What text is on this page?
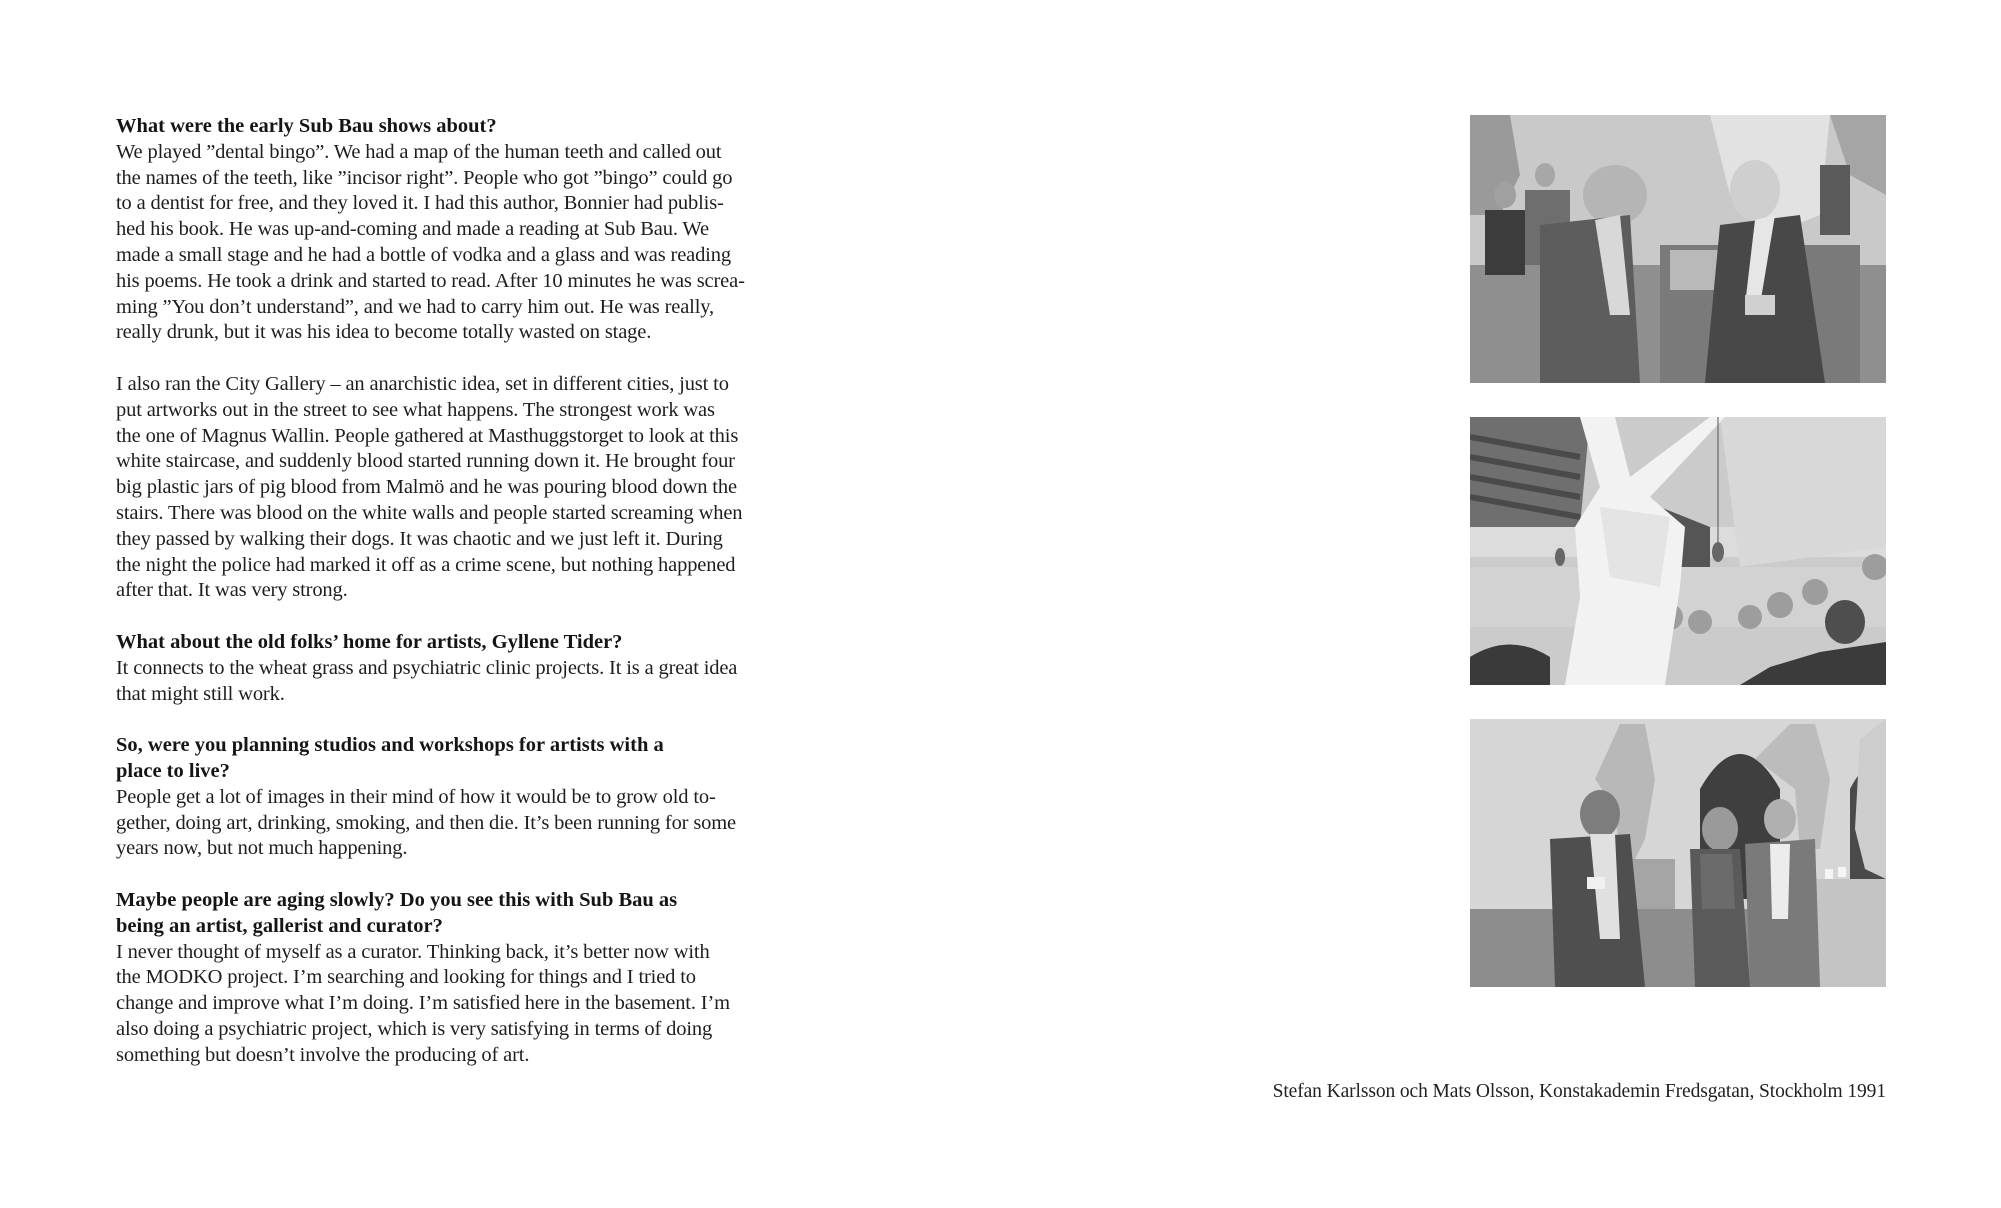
What were the early Sub Bau shows about?
We played ”dental bingo”. We had a map of the human teeth and called out
the names of the teeth, like ”incisor right”. People who got ”bingo” could go
to a dentist for free, and they loved it. I had this author, Bonnier had publis-
hed his book. He was up-and-coming and made a reading at Sub Bau. We
made a small stage and he had a bottle of vodka and a glass and was reading
his poems. He took a drink and started to read. After 10 minutes he was screa-
ming ”You don’t understand”, and we had to carry him out. He was really,
really drunk, but it was his idea to become totally wasted on stage.
I also ran the City Gallery – an anarchistic idea, set in different cities, just to
put artworks out in the street to see what happens. The strongest work was
the one of Magnus Wallin. People gathered at Masthuggstorget to look at this
white staircase, and suddenly blood started running down it. He brought four
big plastic jars of pig blood from Malmö and he was pouring blood down the
stairs. There was blood on the white walls and people started screaming when
they passed by walking their dogs. It was chaotic and we just left it. During
the night the police had marked it off as a crime scene, but nothing happened
after that. It was very strong.
What about the old folks’ home for artists, Gyllene Tider?
It connects to the wheat grass and psychiatric clinic projects. It is a great idea
that might still work.
So, were you planning studios and workshops for artists with a
place to live?
People get a lot of images in their mind of how it would be to grow old to-
gether, doing art, drinking, smoking, and then die. It’s been running for some
years now, but not much happening.
Maybe people are aging slowly? Do you see this with Sub Bau as
being an artist, gallerist and curator?
I never thought of myself as a curator. Thinking back, it’s better now with
the MODKO project. I’m searching and looking for things and I tried to
change and improve what I’m doing. I’m satisfied here in the basement. I’m
also doing a psychiatric project, which is very satisfying in terms of doing
something but doesn’t involve the producing of art.
Stefan Karlsson och Mats Olsson, Konstakademin Fredsgatan, Stockholm 1991
